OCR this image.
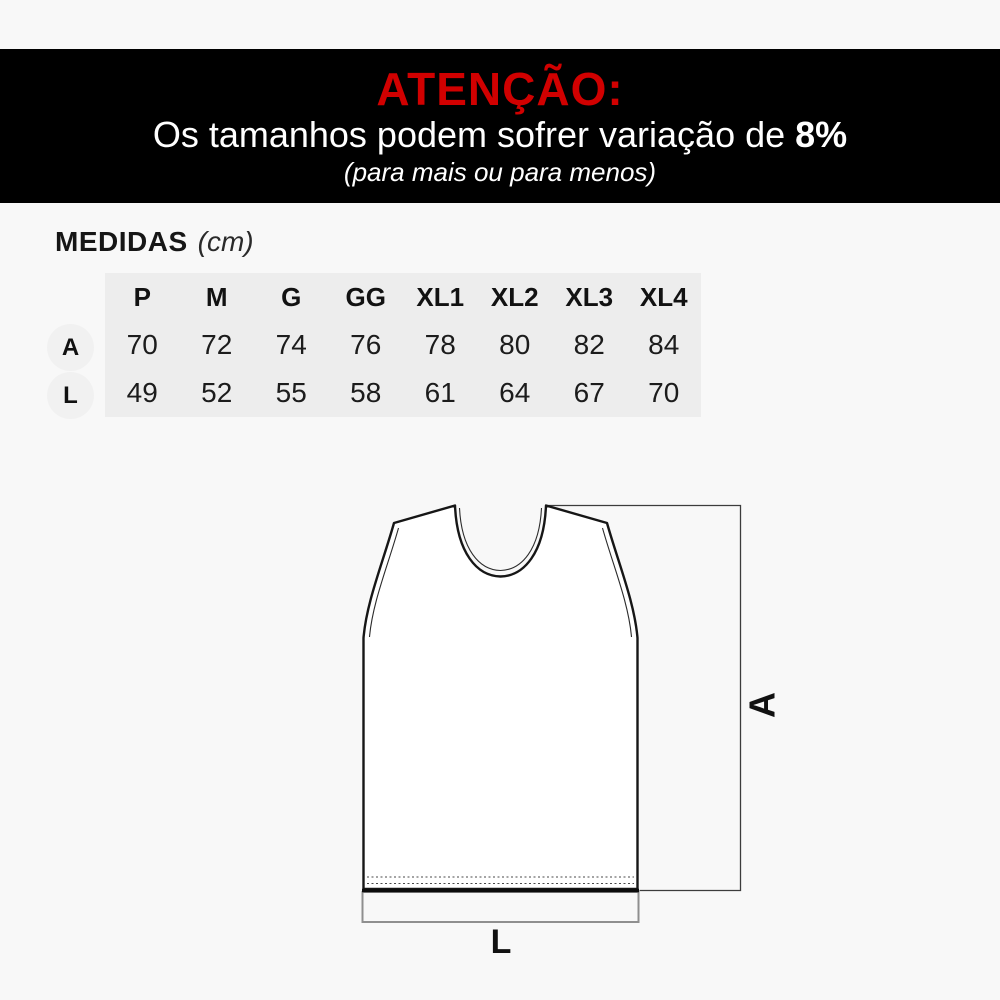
ATENÇÃO:
Os tamanhos podem sofrer variação de 8%
(para mais ou para menos)
MEDIDAS (cm)
P M G GG XL1 XL2 XL3 XL4
70 72 74 76 78 80 82 84
49 52 55 58 61 64 67 70
A
L
A
L
